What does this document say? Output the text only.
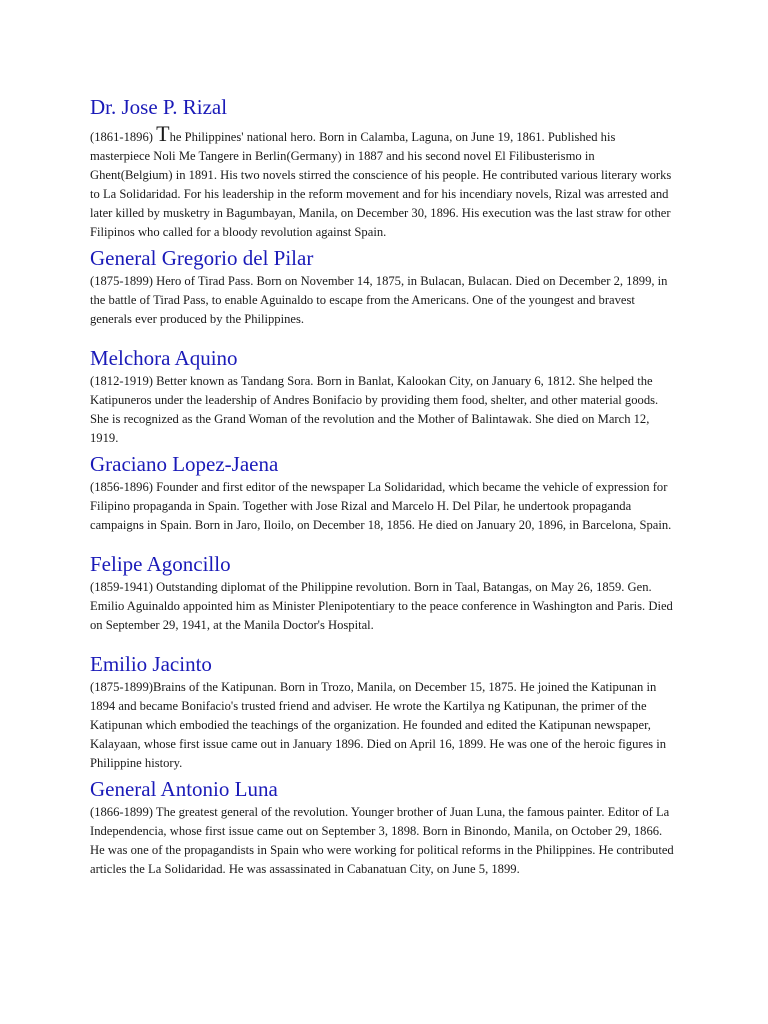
Dr. Jose P. Rizal

(1861-1896) The Philippines' national hero. Born in Calamba, Laguna, on June 19, 1861. Published his masterpiece Noli Me Tangere in Berlin(Germany) in 1887 and his second novel El Filibusterismo in Ghent(Belgium) in 1891. His two novels stirred the conscience of his people. He contributed various literary works to La Solidaridad. For his leadership in the reform movement and for his incendiary novels, Rizal was arrested and later killed by musketry in Bagumbayan, Manila, on December 30, 1896. His execution was the last straw for other Filipinos who called for a bloody revolution against Spain.

General Gregorio del Pilar

(1875-1899) Hero of Tirad Pass. Born on November 14, 1875, in Bulacan, Bulacan. Died on December 2, 1899, in the battle of Tirad Pass, to enable Aguinaldo to escape from the Americans. One of the youngest and bravest generals ever produced by the Philippines.

Melchora Aquino

(1812-1919) Better known as Tandang Sora. Born in Banlat, Kalookan City, on January 6, 1812. She helped the Katipuneros under the leadership of Andres Bonifacio by providing them food, shelter, and other material goods. She is recognized as the Grand Woman of the revolution and the Mother of Balintawak. She died on March 12, 1919.

Graciano Lopez-Jaena

(1856-1896) Founder and first editor of the newspaper La Solidaridad, which became the vehicle of expression for Filipino propaganda in Spain. Together with Jose Rizal and Marcelo H. Del Pilar, he undertook propaganda campaigns in Spain. Born in Jaro, Iloilo, on December 18, 1856. He died on January 20, 1896, in Barcelona, Spain.

Felipe Agoncillo

(1859-1941) Outstanding diplomat of the Philippine revolution. Born in Taal, Batangas, on May 26, 1859. Gen. Emilio Aguinaldo appointed him as Minister Plenipotentiary to the peace conference in Washington and Paris. Died on September 29, 1941, at the Manila Doctor's Hospital.

Emilio Jacinto

(1875-1899)Brains of the Katipunan. Born in Trozo, Manila, on December 15, 1875. He joined the Katipunan in 1894 and became Bonifacio's trusted friend and adviser. He wrote the Kartilya ng Katipunan, the primer of the Katipunan which embodied the teachings of the organization. He founded and edited the Katipunan newspaper, Kalayaan, whose first issue came out in January 1896. Died on April 16, 1899. He was one of the heroic figures in Philippine history.

General Antonio Luna

(1866-1899) The greatest general of the revolution. Younger brother of Juan Luna, the famous painter. Editor of La Independencia, whose first issue came out on September 3, 1898. Born in Binondo, Manila, on October 29, 1866. He was one of the propagandists in Spain who were working for political reforms in the Philippines. He contributed articles the La Solidaridad. He was assassinated in Cabanatuan City, on June 5, 1899.
